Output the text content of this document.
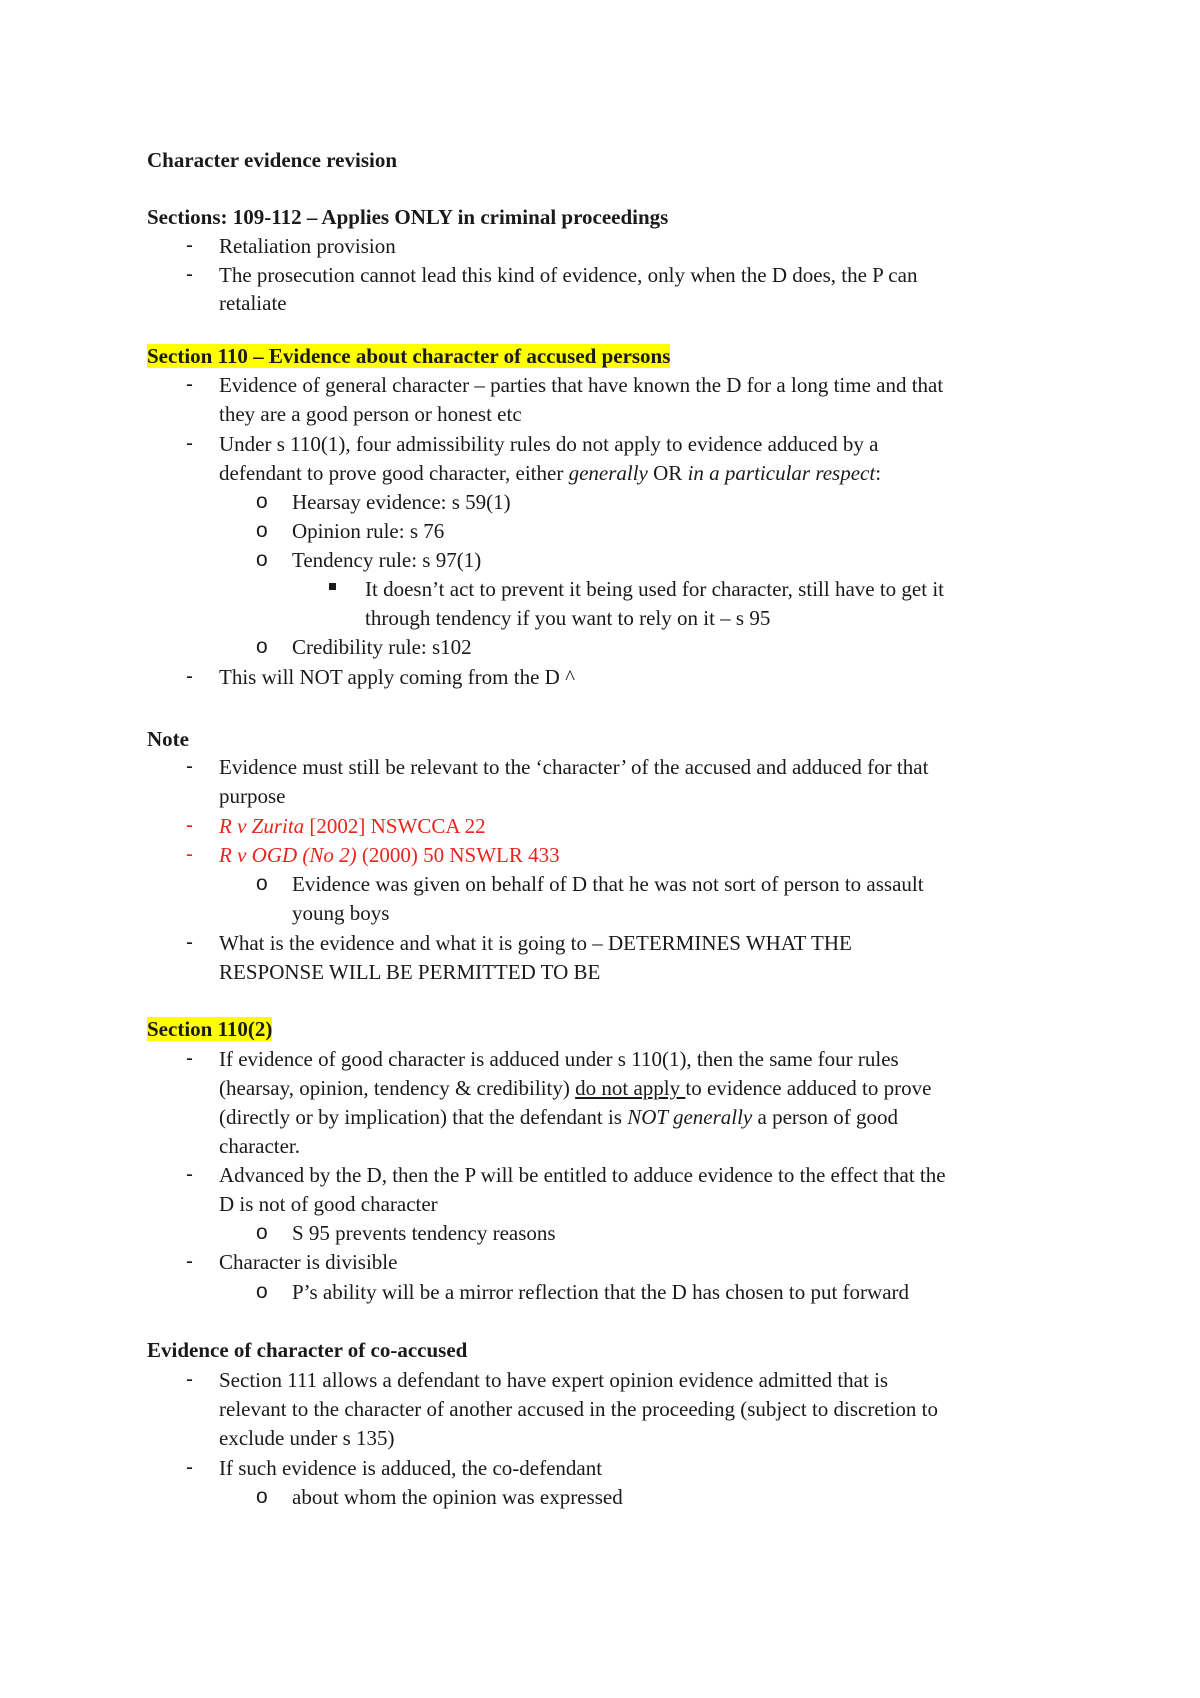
Character evidence revision
Sections: 109-112 – Applies ONLY in criminal proceedings
- Retaliation provision
- The prosecution cannot lead this kind of evidence, only when the D does, the P can
retaliate
Section 110 – Evidence about character of accused persons
- Evidence of general character – parties that have known the D for a long time and that
they are a good person or honest etc
- Under s 110(1), four admissibility rules do not apply to evidence adduced by a
defendant to prove good character, either generally OR in a particular respect:
o Hearsay evidence: s 59(1)
o Opinion rule: s 76
o Tendency rule: s 97(1)
It doesn’t act to prevent it being used for character, still have to get it
through tendency if you want to rely on it – s 95
o Credibility rule: s102
- This will NOT apply coming from the D ^
Note
- Evidence must still be relevant to the ‘character’ of the accused and adduced for that
purpose
- R v Zurita [2002] NSWCCA 22
- R v OGD (No 2) (2000) 50 NSWLR 433
o Evidence was given on behalf of D that he was not sort of person to assault
young boys
- What is the evidence and what it is going to – DETERMINES WHAT THE
RESPONSE WILL BE PERMITTED TO BE
Section 110(2)
- If evidence of good character is adduced under s 110(1), then the same four rules
(hearsay, opinion, tendency & credibility) do not apply to evidence adduced to prove
(directly or by implication) that the defendant is NOT generally a person of good
character.
- Advanced by the D, then the P will be entitled to adduce evidence to the effect that the
D is not of good character
o S 95 prevents tendency reasons
- Character is divisible
o P’s ability will be a mirror reflection that the D has chosen to put forward
Evidence of character of co-accused
- Section 111 allows a defendant to have expert opinion evidence admitted that is
relevant to the character of another accused in the proceeding (subject to discretion to
exclude under s 135)
- If such evidence is adduced, the co-defendant
o about whom the opinion was expressed
